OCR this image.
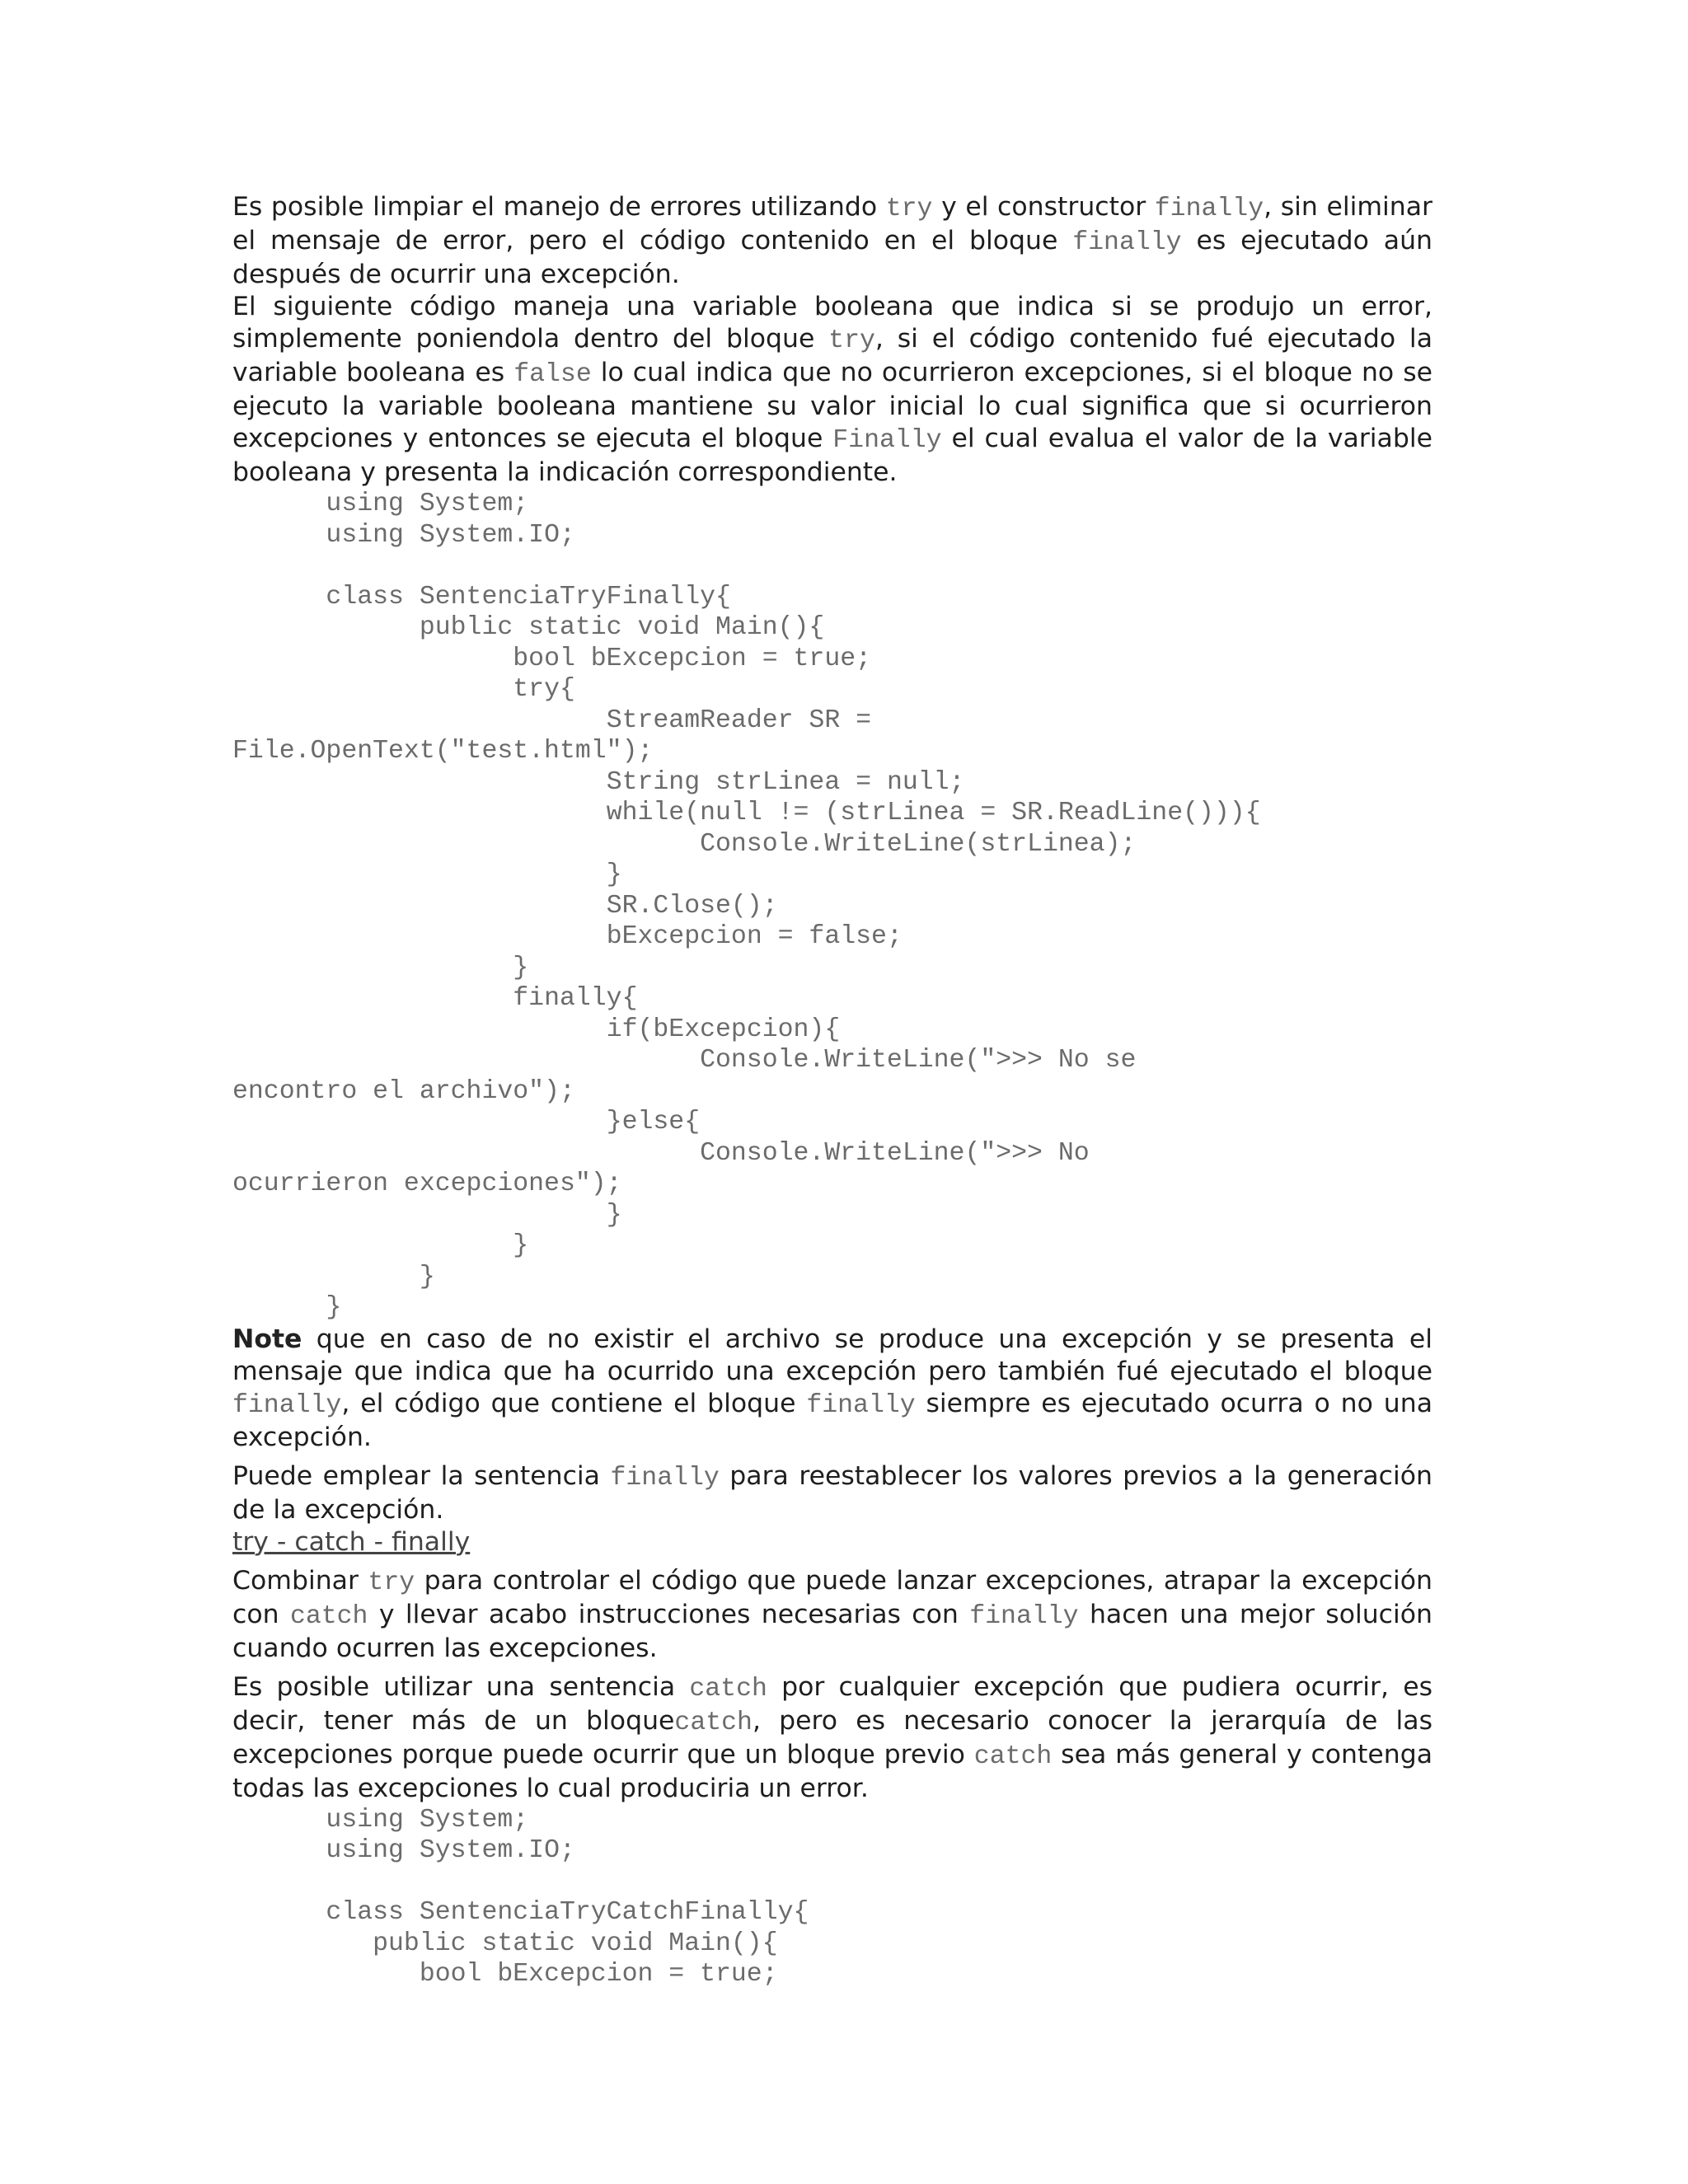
Es posible limpiar el manejo de errores utilizando try y el constructor finally, sin eliminar el mensaje de error, pero el código contenido en el bloque finally es ejecutado aún después de ocurrir una excepción.

El siguiente código maneja una variable booleana que indica si se produjo un error, simplemente poniendola dentro del bloque try, si el código contenido fué ejecutado la variable booleana es false lo cual indica que no ocurrieron excepciones, si el bloque no se ejecuto la variable booleana mantiene su valor inicial lo cual significa que si ocurrieron excepciones y entonces se ejecuta el bloque Finally el cual evalua el valor de la variable booleana y presenta la indicación correspondiente.

	using System;
	using System.IO;

	class SentenciaTryFinally{
		public static void Main(){
			bool bExcepcion = true;
			try{
				StreamReader SR =
File.OpenText("test.html");
				String strLinea = null;
				while(null != (strLinea = SR.ReadLine())){
					Console.WriteLine(strLinea);
				}
				SR.Close();
				bExcepcion = false;
			}
			finally{
				if(bExcepcion){
					Console.WriteLine(">>> No se
encontro el archivo");
				}else{
					Console.WriteLine(">>> No
ocurrieron excepciones");
				}
			}
		}
	}

Note que en caso de no existir el archivo se produce una excepción y se presenta el mensaje que indica que ha ocurrido una excepción pero también fué ejecutado el bloque finally, el código que contiene el bloque finally siempre es ejecutado ocurra o no una excepción.

Puede emplear la sentencia finally para reestablecer los valores previos a la generación de la excepción.

try - catch - finally

Combinar try para controlar el código que puede lanzar excepciones, atrapar la excepción con catch y llevar acabo instrucciones necesarias con finally hacen una mejor solución cuando ocurren las excepciones.

Es posible utilizar una sentencia catch por cualquier excepción que pudiera ocurrir, es decir, tener más de un bloquecatch, pero es necesario conocer la jerarquía de las excepciones porque puede ocurrir que un bloque previo catch sea más general y contenga todas las excepciones lo cual produciria un error.

	using System;
	using System.IO;

	class SentenciaTryCatchFinally{
	public static void Main(){
		bool bExcepcion = true;
